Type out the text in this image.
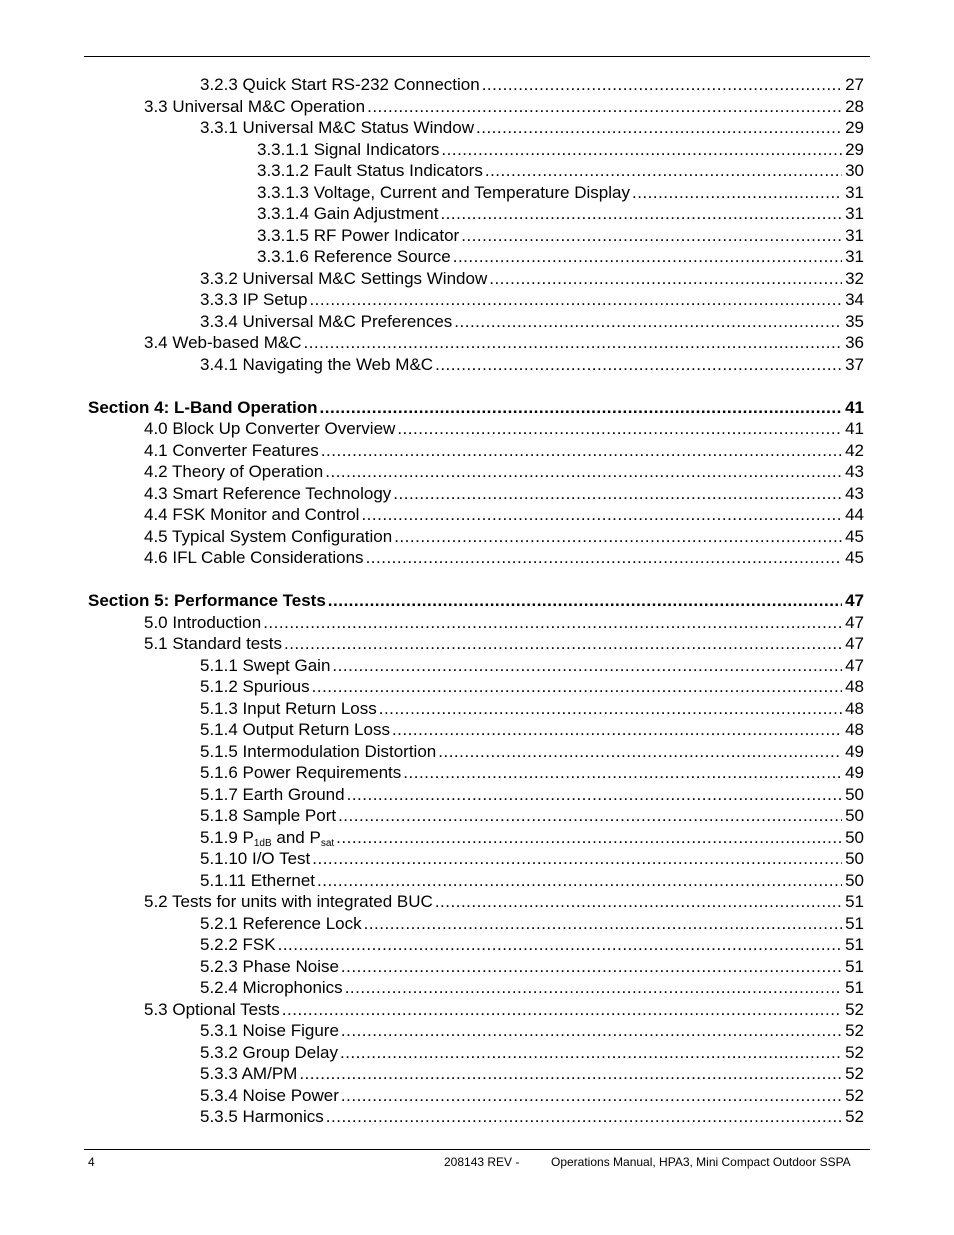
3.2.3 Quick Start RS-232 Connection .....	27
3.3 Universal M&C Operation .....	28
3.3.1 Universal M&C Status Window .....	29
3.3.1.1 Signal Indicators .....	29
3.3.1.2 Fault Status Indicators .....	30
3.3.1.3 Voltage, Current and Temperature Display .....	31
3.3.1.4 Gain Adjustment .....	31
3.3.1.5 RF Power Indicator .....	31
3.3.1.6 Reference Source .....	31
3.3.2 Universal M&C Settings Window .....	32
3.3.3 IP Setup .....	34
3.3.4 Universal M&C Preferences .....	35
3.4 Web-based M&C .....	36
3.4.1 Navigating the Web M&C .....	37
Section 4: L-Band Operation .....	41
4.0 Block Up Converter Overview .....	41
4.1 Converter Features .....	42
4.2 Theory of Operation .....	43
4.3 Smart Reference Technology .....	43
4.4 FSK Monitor and Control .....	44
4.5 Typical System Configuration .....	45
4.6 IFL Cable Considerations .....	45
Section 5: Performance Tests .....	47
5.0 Introduction .....	47
5.1 Standard tests .....	47
5.1.1 Swept Gain .....	47
5.1.2 Spurious .....	48
5.1.3 Input Return Loss .....	48
5.1.4 Output Return Loss .....	48
5.1.5 Intermodulation Distortion .....	49
5.1.6 Power Requirements .....	49
5.1.7 Earth Ground .....	50
5.1.8 Sample Port .....	50
5.1.9 $P_{1dB}$ and $P_{sat}$ .....	50
5.1.10 I/O Test .....	50
5.1.11 Ethernet .....	50
5.2 Tests for units with integrated BUC .....	51
5.2.1 Reference Lock .....	51
5.2.2 FSK .....	51
5.2.3 Phase Noise .....	51
5.2.4 Microphonics .....	51
5.3 Optional Tests .....	52
5.3.1 Noise Figure .....	52
5.3.2 Group Delay .....	52
5.3.3 AM/PM .....	52
5.3.4 Noise Power .....	52
5.3.5 Harmonics .....	52
4	208143 REV -	Operations Manual, HPA3, Mini Compact Outdoor SSPA
